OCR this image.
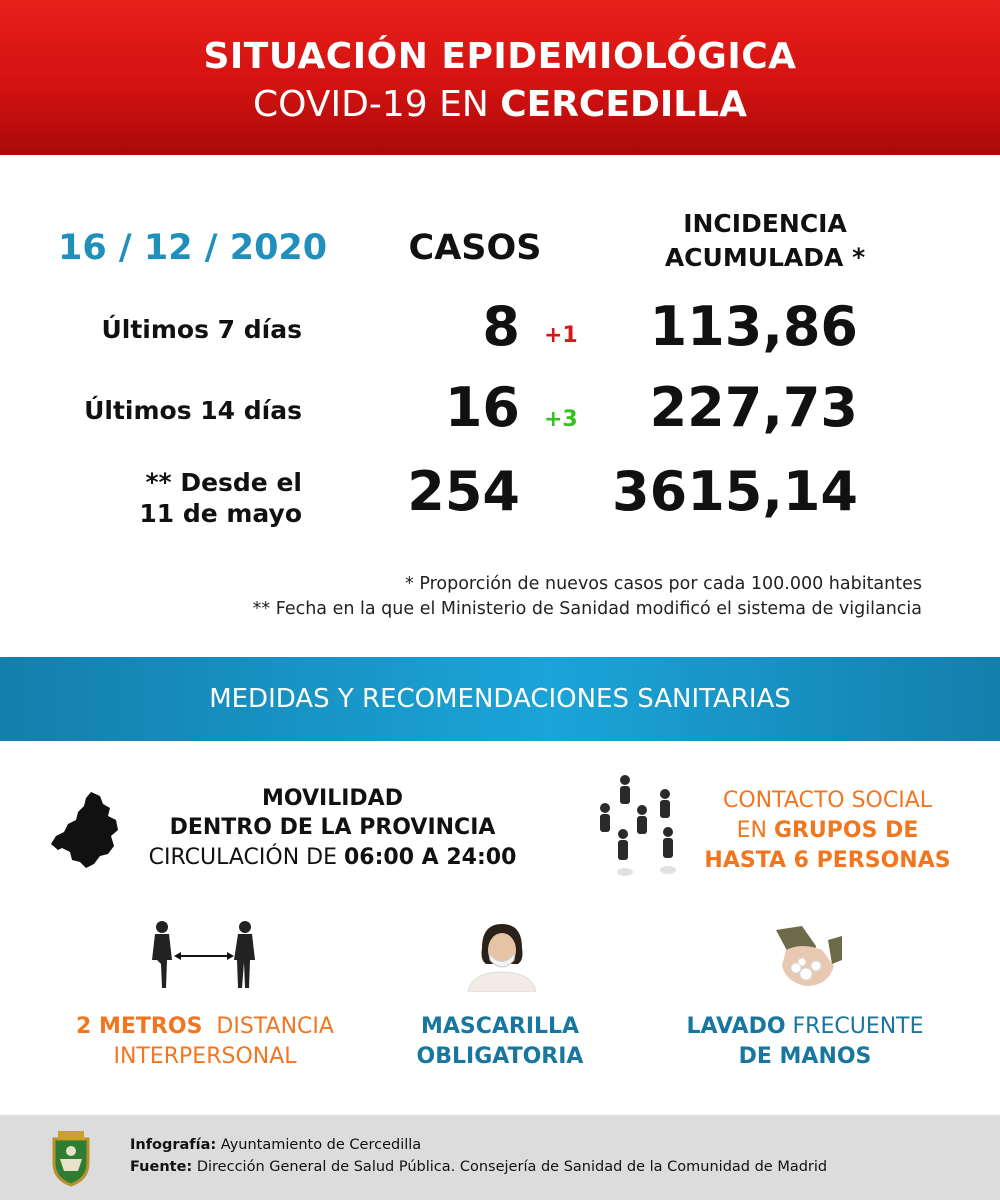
SITUACIÓN EPIDEMIOLÓGICA
COVID-19 EN CERCEDILLA
16 / 12 / 2020	CASOS
INCIDENCIA
ACUMULADA *
Últimos 7 días	8 +1	113,86
Últimos 14 días	16 +3	227,73
** Desde el
11 de mayo	254 3615,14
* Proporción de nuevos casos por cada 100.000 habitantes
** Fecha en la que el Ministerio de Sanidad modificó el sistema de vigilancia
MEDIDAS Y RECOMENDACIONES SANITARIAS
MOVILIDAD
DENTRO DE LA PROVINCIA
CIRCULACIÓN DE 06:00 A 24:00
CONTACTO SOCIAL
EN GRUPOS DE
HASTA 6 PERSONAS
2 METROS  DISTANCIA
INTERPERSONAL
MASCARILLA
OBLIGATORIA
LAVADO FRECUENTE
DE MANOS
Infografía: Ayuntamiento de Cercedilla
Fuente: Dirección General de Salud Pública. Consejería de Sanidad de la Comunidad de Madrid
